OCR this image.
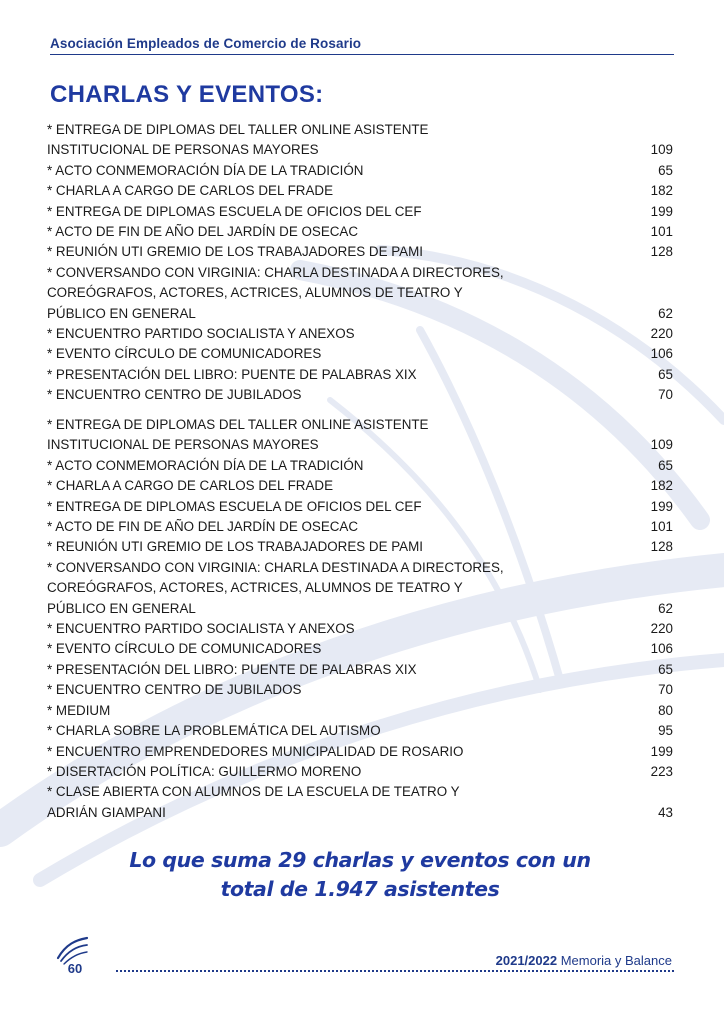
Asociación Empleados de Comercio de Rosario
CHARLAS Y EVENTOS:
* ENTREGA DE DIPLOMAS DEL TALLER ONLINE ASISTENTE
INSTITUCIONAL DE PERSONAS MAYORES	109
* ACTO CONMEMORACIÓN DÍA DE LA TRADICIÓN	65
* CHARLA A CARGO DE CARLOS DEL FRADE	182
* ENTREGA DE DIPLOMAS ESCUELA DE OFICIOS DEL CEF	199
* ACTO DE FIN DE AÑO DEL JARDÍN DE OSECAC	101
* REUNIÓN UTI GREMIO DE LOS TRABAJADORES DE PAMI	128
* CONVERSANDO CON VIRGINIA: CHARLA DESTINADA A DIRECTORES,
COREÓGRAFOS, ACTORES, ACTRICES, ALUMNOS DE TEATRO Y
PÚBLICO EN GENERAL	62
* ENCUENTRO PARTIDO SOCIALISTA Y ANEXOS	220
* EVENTO CÍRCULO DE COMUNICADORES	106
* PRESENTACIÓN DEL LIBRO: PUENTE DE PALABRAS XIX	65
* ENCUENTRO CENTRO DE JUBILADOS	70
* ENTREGA DE DIPLOMAS DEL TALLER ONLINE ASISTENTE
INSTITUCIONAL DE PERSONAS MAYORES	109
* ACTO CONMEMORACIÓN DÍA DE LA TRADICIÓN	65
* CHARLA A CARGO DE CARLOS DEL FRADE	182
* ENTREGA DE DIPLOMAS ESCUELA DE OFICIOS DEL CEF	199
* ACTO DE FIN DE AÑO DEL JARDÍN DE OSECAC	101
* REUNIÓN UTI GREMIO DE LOS TRABAJADORES DE PAMI	128
* CONVERSANDO CON VIRGINIA: CHARLA DESTINADA A DIRECTORES,
COREÓGRAFOS, ACTORES, ACTRICES, ALUMNOS DE TEATRO Y
PÚBLICO EN GENERAL	62
* ENCUENTRO PARTIDO SOCIALISTA Y ANEXOS	220
* EVENTO CÍRCULO DE COMUNICADORES	106
* PRESENTACIÓN DEL LIBRO: PUENTE DE PALABRAS XIX	65
* ENCUENTRO CENTRO DE JUBILADOS	70
* MEDIUM	80
* CHARLA SOBRE LA PROBLEMÁTICA DEL AUTISMO	95
* ENCUENTRO EMPRENDEDORES MUNICIPALIDAD DE ROSARIO	199
* DISERTACIÓN POLÍTICA: GUILLERMO MORENO	223
* CLASE ABIERTA CON ALUMNOS DE LA ESCUELA DE TEATRO Y
ADRIÁN GIAMPANI	43
Lo que suma 29 charlas y eventos con un
total de 1.947 asistentes
60
2021/2022 Memoria y Balance
